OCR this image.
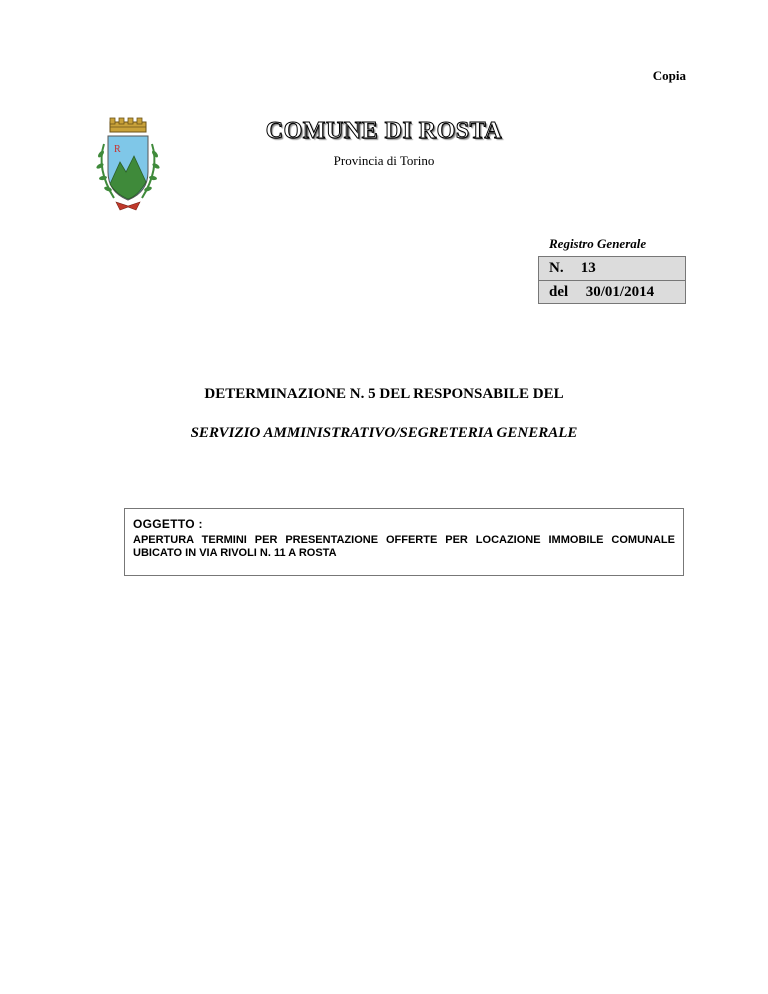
Copia
R
COMUNE DI ROSTA
Provincia di Torino
Registro Generale
N. 13
del 30/01/2014
DETERMINAZIONE N. 5 DEL RESPONSABILE DEL
SERVIZIO AMMINISTRATIVO/SEGRETERIA GENERALE
OGGETTO :
APERTURA TERMINI PER PRESENTAZIONE OFFERTE PER LOCAZIONE IMMOBILE COMUNALE UBICATO IN VIA RIVOLI N. 11 A ROSTA
